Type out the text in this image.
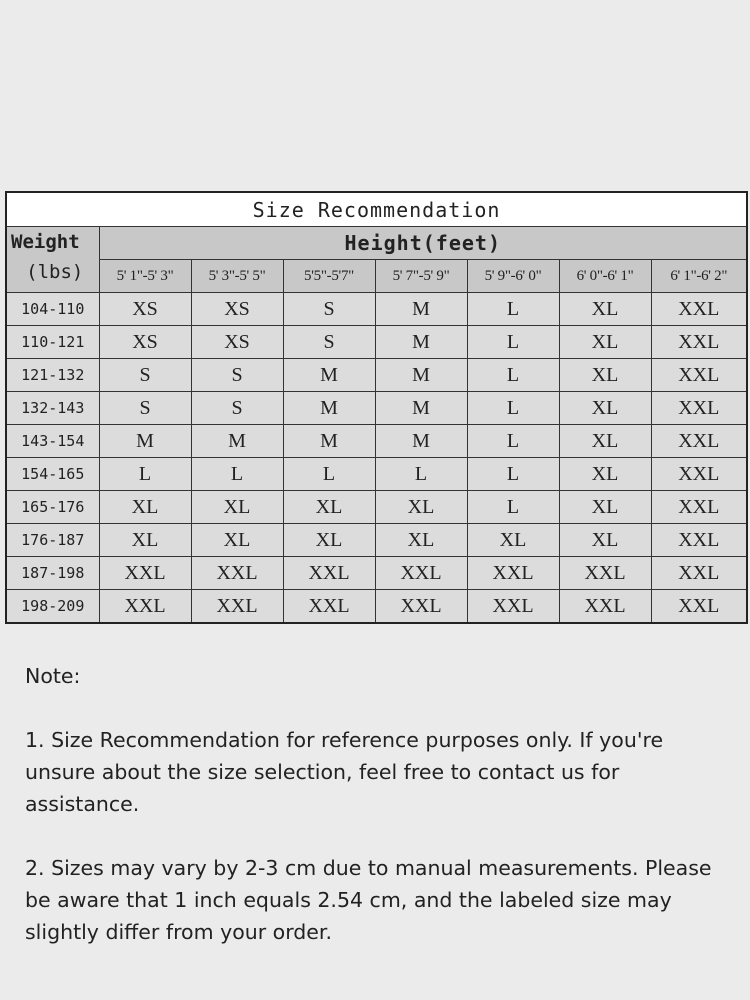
Size Recommendation							
Weight
(lbs)	Height(feet)						
	5' 1"-5' 3"	5' 3"-5' 5"	5'5"-5'7"	5' 7"-5' 9"	5' 9"-6' 0"	6' 0"-6' 1"	6' 1"-6' 2"
104-110	XS	XS	S	M	L	XL	XXL
110-121	XS	XS	S	M	L	XL	XXL
121-132	S	S	M	M	L	XL	XXL
132-143	S	S	M	M	L	XL	XXL
143-154	M	M	M	M	L	XL	XXL
154-165	L	L	L	L	L	XL	XXL
165-176	XL	XL	XL	XL	L	XL	XXL
176-187	XL	XL	XL	XL	XL	XL	XXL
187-198	XXL	XXL	XXL	XXL	XXL	XXL	XXL
198-209	XXL	XXL	XXL	XXL	XXL	XXL	XXL

Note:

1. Size Recommendation for reference purposes only. If you're unsure about the size selection, feel free to contact us for assistance.

2. Sizes may vary by 2-3 cm due to manual measurements. Please be aware that 1 inch equals 2.54 cm, and the labeled size may slightly differ from your order.
